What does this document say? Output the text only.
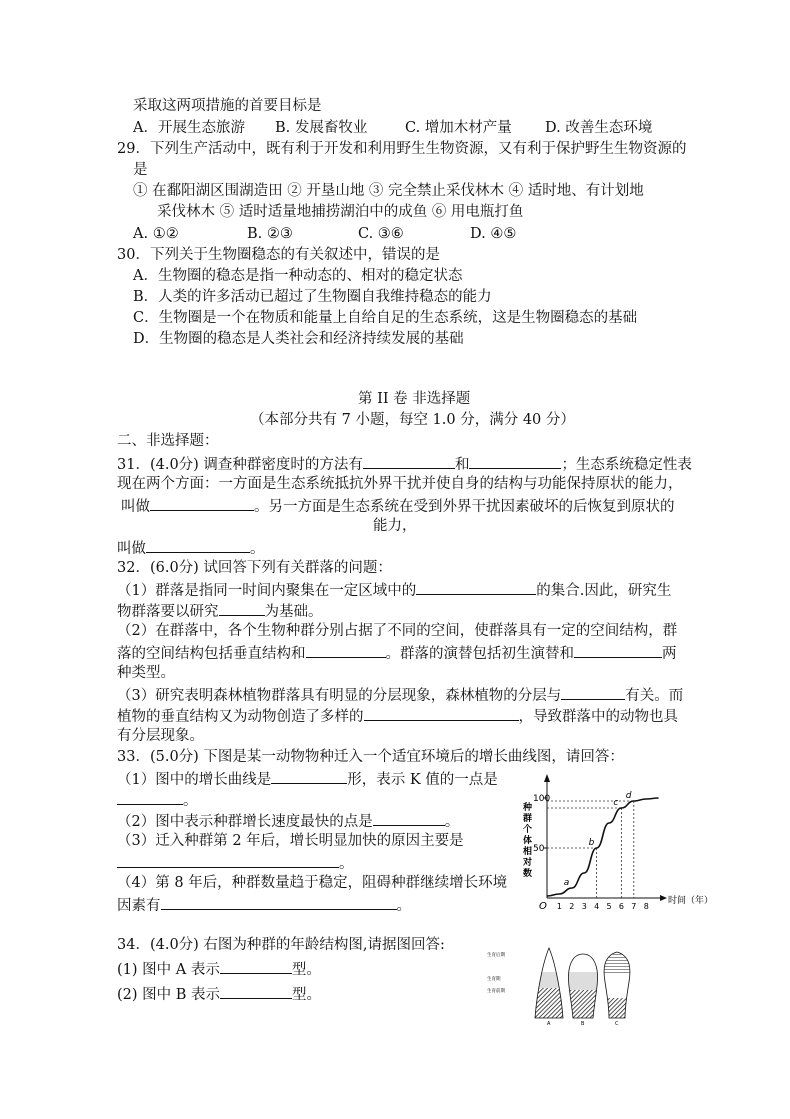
采取这两项措施的首要目标是
A．开展生态旅游 B. 发展畜牧业	C. 增加木材产量 D. 改善生态环境
29．下列生产活动中，既有利于开发和利用野生生物资源，又有利于保护野生生物资源的
是
① 在鄱阳湖区围湖造田 ② 开垦山地 ③ 完全禁止采伐林木 ④ 适时地、有计划地
采伐林木 ⑤ 适时适量地捕捞湖泊中的成鱼 ⑥ 用电瓶打鱼
A. ①②	B. ②③	C. ③⑥	D. ④⑤
30．下列关于生物圈稳态的有关叙述中，错误的是
A．生物圈的稳态是指一种动态的、相对的稳定状态
B．人类的许多活动已超过了生物圈自我维持稳态的能力
C．生物圈是一个在物质和能量上自给自足的生态系统，这是生物圈稳态的基础
D．生物圈的稳态是人类社会和经济持续发展的基础
第 II 卷 非选择题
（本部分共有 7 小题，每空 1.0 分，满分 40 分）
二、非选择题：
31．(4.0分) 调查种群密度时的方法有	和	；生态系统稳定性表
现在两个方面：一方面是生态系统抵抗外界干扰并使自身的结构与功能保持原状的能力，
叫做	。另一方面是生态系统在受到外界干扰因素破坏的后恢复到原状的
能力，
叫做	。
32．(6.0分) 试回答下列有关群落的问题：
（1）群落是指同一时间内聚集在一定区域中的	的集合.因此，研究生
物群落要以研究	为基础。
（2）在群落中，各个生物种群分别占据了不同的空间，使群落具有一定的空间结构，群
落的空间结构包括垂直结构和	。群落的演替包括初生演替和	两
种类型。
（3）研究表明森林植物群落具有明显的分层现象，森林植物的分层与	有关。而
植物的垂直结构又为动物创造了多样的	，导致群落中的动物也具
有分层现象。
33．(5.0分) 下图是某一动物物种迁入一个适宜环境后的增长曲线图，请回答：
（1）图中的增长曲线是	形，表示 K 值的一点是
。
（2）图中表示种群增长速度最快的点是	。
（3）迁入种群第 2 年后，增长明显加快的原因主要是
。
（4）第 8 年后，种群数量趋于稳定，阻碍种群继续增长环境
因素有	。
种
群
个
体
相
对
数
a
b
c
d
100
50
O 1 2 3 4 5 6 7 8
时间（年）
34．(4.0分) 右图为种群的年龄结构图,请据图回答:
(1) 图中 A 表示	型。
(2) 图中 B 表示	型。
生育后期
生育期
生育前期
A	B	C
